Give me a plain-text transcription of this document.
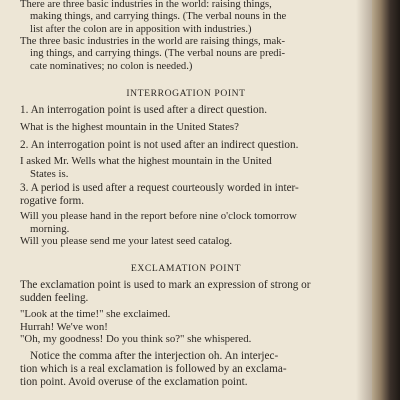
There are three basic industries in the world: raising things,

making things, and carrying things. (The verbal nouns in the

list after the colon are in apposition with industries.)

The three basic industries in the world are raising things, mak-

ing things, and carrying things. (The verbal nouns are predi-

cate nominatives; no colon is needed.)

INTERROGATION POINT

1. An interrogation point is used after a direct question.

What is the highest mountain in the United States?

2. An interrogation point is not used after an indirect question.

I asked Mr. Wells what the highest mountain in the United

States is.

3. A period is used after a request courteously worded in inter-

rogative form.

Will you please hand in the report before nine o'clock tomorrow

morning.

Will you please send me your latest seed catalog.

EXCLAMATION POINT

The exclamation point is used to mark an expression of strong or

sudden feeling.

"Look at the time!" she exclaimed.

Hurrah! We've won!

"Oh, my goodness! Do you think so?" she whispered.

Notice the comma after the interjection oh. An interjec-

tion which is a real exclamation is followed by an exclama-

tion point. Avoid overuse of the exclamation point.
